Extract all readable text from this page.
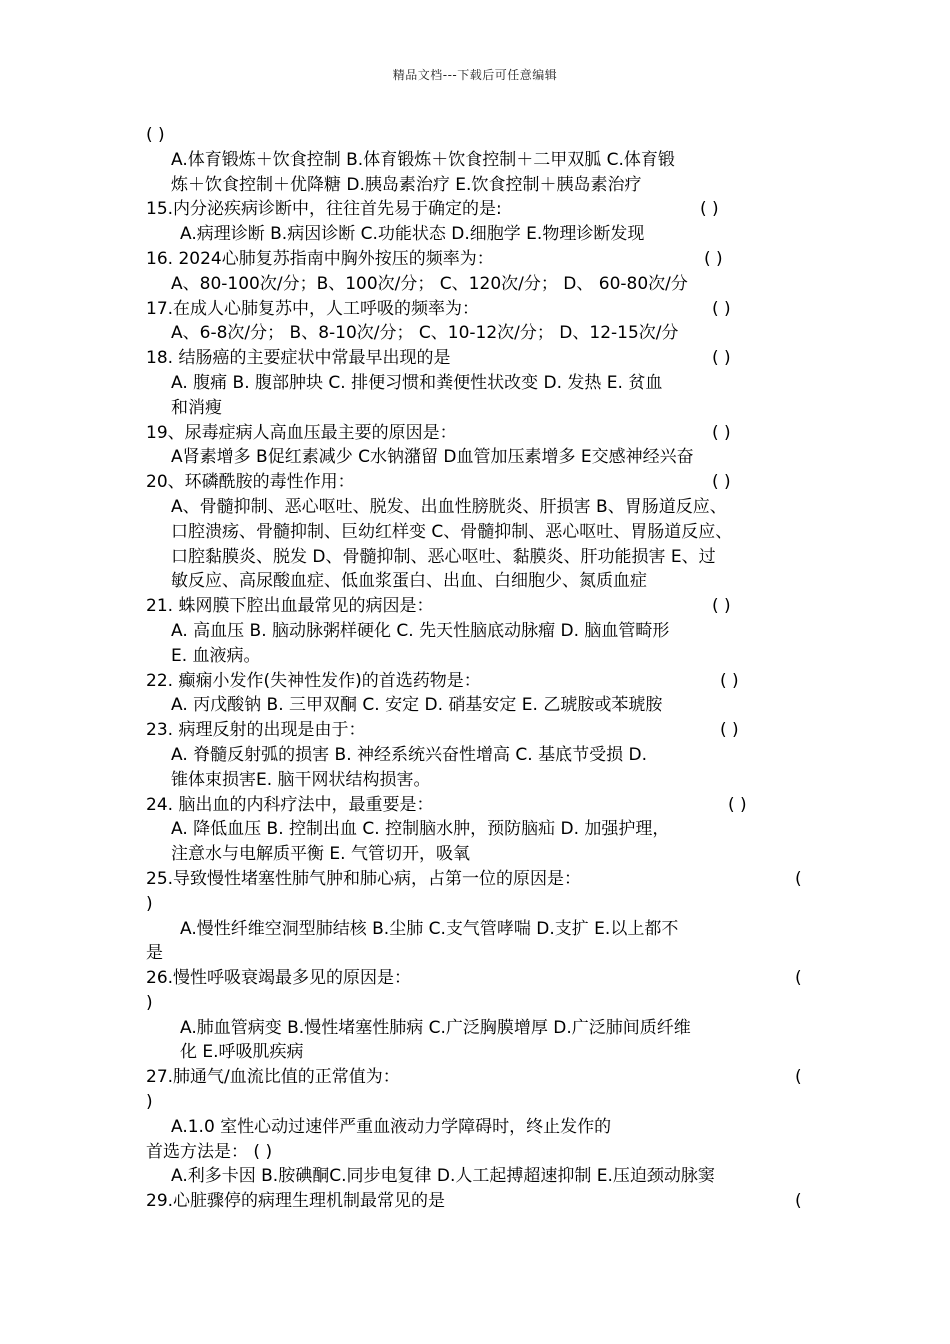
精品文档---下载后可任意编辑
( )
A.体育锻炼＋饮食控制 B.体育锻炼＋饮食控制＋二甲双胍 C.体育锻
炼＋饮食控制＋优降糖 D.胰岛素治疗 E.饮食控制＋胰岛素治疗
15.内分泌疾病诊断中，往往首先易于确定的是:	( )
A.病理诊断 B.病因诊断 C.功能状态 D.细胞学 E.物理诊断发现
16. 2024心肺复苏指南中胸外按压的频率为：	( )
A、80-100次/分；B、100次/分； C、120次/分； D、 60-80次/分
17.在成人心肺复苏中，人工呼吸的频率为：	( )
A、6-8次/分； B、8-10次/分； C、10-12次/分； D、12-15次/分
18. 结肠癌的主要症状中常最早出现的是	( )
A. 腹痛 B. 腹部肿块 C. 排便习惯和粪便性状改变 D. 发热 E. 贫血
和消瘦
19、尿毒症病人高血压最主要的原因是：	( )
A肾素增多 B促红素减少 C水钠潴留 D血管加压素增多 E交感神经兴奋
20、环磷酰胺的毒性作用：	( )
A、骨髓抑制、恶心呕吐、脱发、出血性膀胱炎、肝损害 B、胃肠道反应、
口腔溃疡、骨髓抑制、巨幼红样变 C、骨髓抑制、恶心呕吐、胃肠道反应、
口腔黏膜炎、脱发 D、骨髓抑制、恶心呕吐、黏膜炎、肝功能损害 E、过
敏反应、高尿酸血症、低血浆蛋白、出血、白细胞少、氮质血症
21. 蛛网膜下腔出血最常见的病因是：	( )
A. 高血压 B. 脑动脉粥样硬化 C. 先天性脑底动脉瘤 D. 脑血管畸形
E. 血液病。
22. 癫痫小发作(失神性发作)的首选药物是：	( )
A. 丙戊酸钠 B. 三甲双酮 C. 安定 D. 硝基安定 E. 乙琥胺或苯琥胺
23. 病理反射的出现是由于：	( )
A. 脊髓反射弧的损害 B. 神经系统兴奋性增高 C. 基底节受损 D.
锥体束损害E. 脑干网状结构损害。
24. 脑出血的内科疗法中，最重要是：	( )
A. 降低血压 B. 控制出血 C. 控制脑水肿，预防脑疝 D. 加强护理，
注意水与电解质平衡 E. 气管切开，吸氧
25.导致慢性堵塞性肺气肿和肺心病，占第一位的原因是：	(
)
A.慢性纤维空洞型肺结核 B.尘肺 C.支气管哮喘 D.支扩 E.以上都不
是
26.慢性呼吸衰竭最多见的原因是：	(
)
A.肺血管病变 B.慢性堵塞性肺病 C.广泛胸膜增厚 D.广泛肺间质纤维
化 E.呼吸肌疾病
27.肺通气/血流比值的正常值为：	(
)
A.1.0 室性心动过速伴严重血液动力学障碍时，终止发作的
首选方法是： ( )
A.利多卡因 B.胺碘酮C.同步电复律 D.人工起搏超速抑制 E.压迫颈动脉窦
29.心脏骤停的病理生理机制最常见的是	(
